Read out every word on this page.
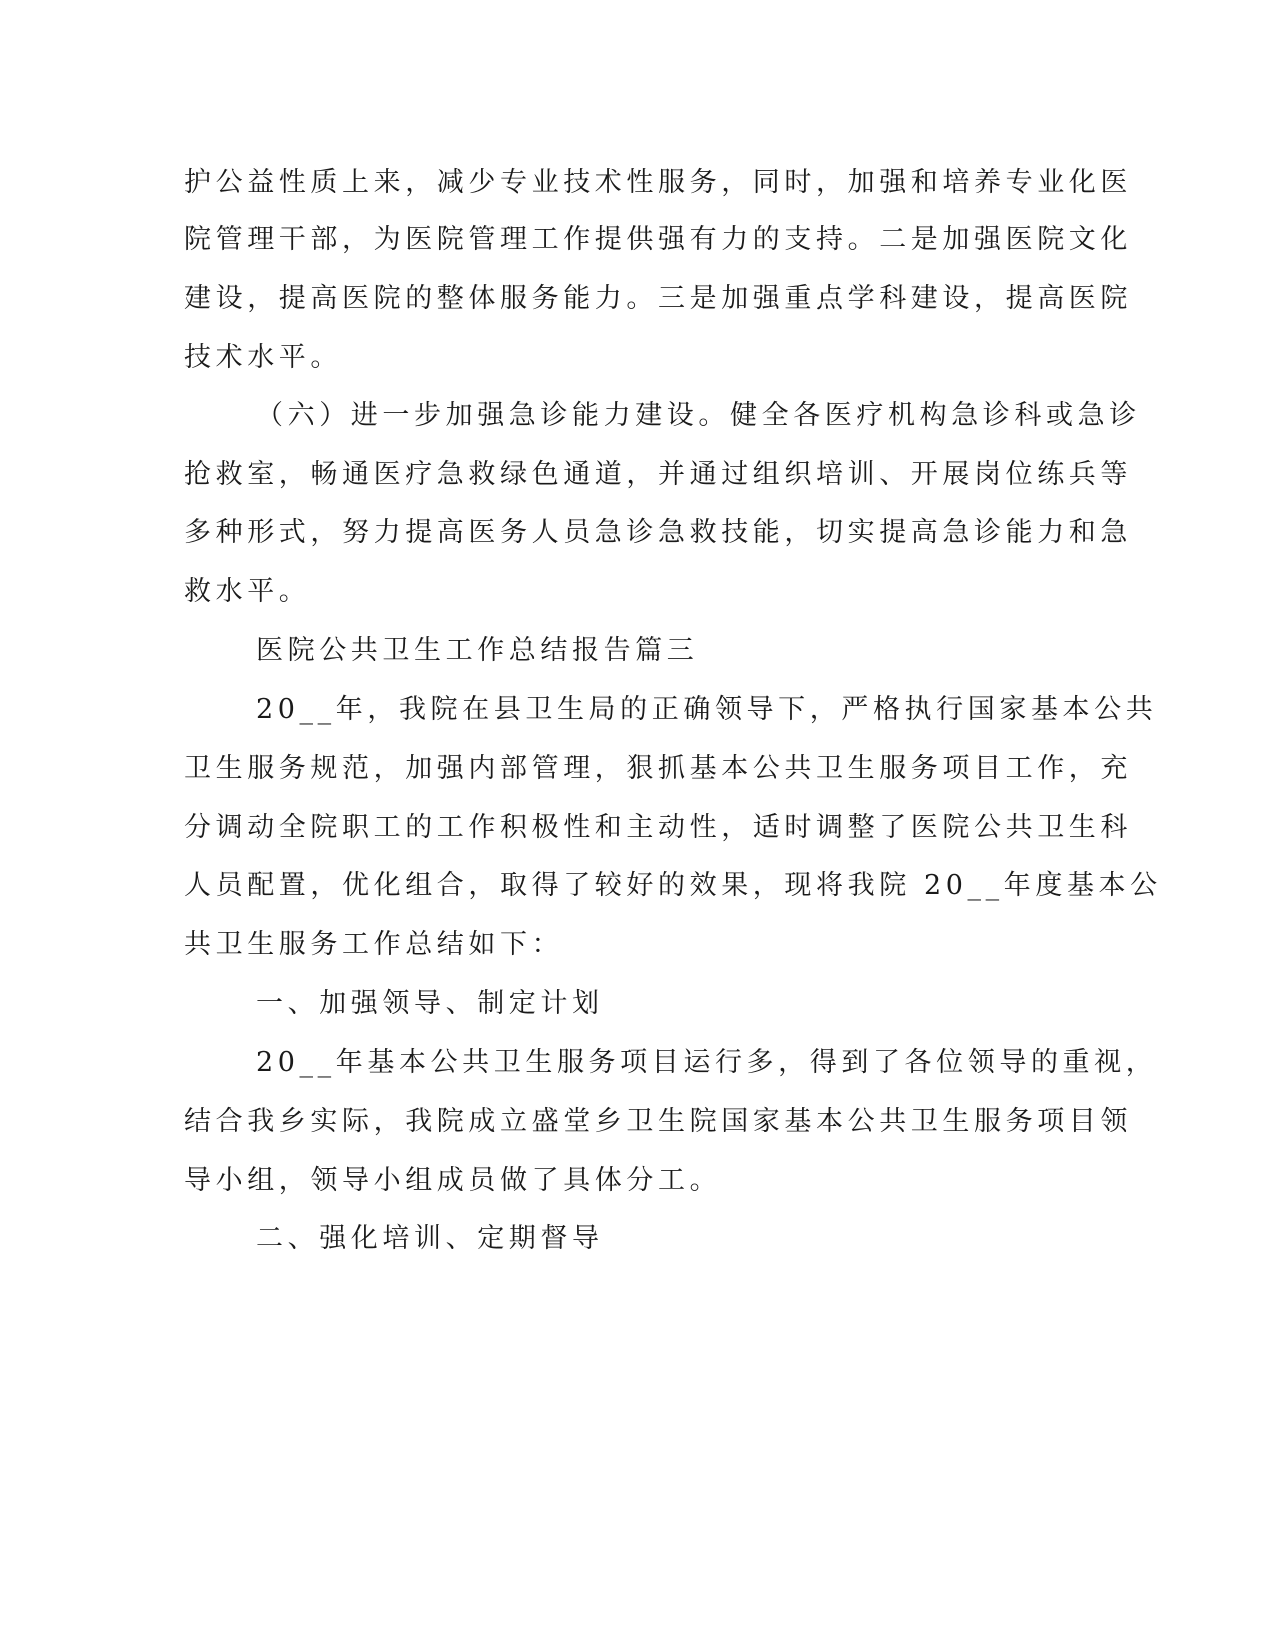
护公益性质上来，减少专业技术性服务，同时，加强和培养专业化医

院管理干部，为医院管理工作提供强有力的支持。二是加强医院文化

建设，提高医院的整体服务能力。三是加强重点学科建设，提高医院

技术水平。

（六）进一步加强急诊能力建设。健全各医疗机构急诊科或急诊

抢救室，畅通医疗急救绿色通道，并通过组织培训、开展岗位练兵等

多种形式，努力提高医务人员急诊急救技能，切实提高急诊能力和急

救水平。

医院公共卫生工作总结报告篇三

20__年，我院在县卫生局的正确领导下，严格执行国家基本公共

卫生服务规范，加强内部管理，狠抓基本公共卫生服务项目工作，充

分调动全院职工的工作积极性和主动性，适时调整了医院公共卫生科

人员配置，优化组合，取得了较好的效果，现将我院 20__年度基本公

共卫生服务工作总结如下：

一、加强领导、制定计划

20__年基本公共卫生服务项目运行多，得到了各位领导的重视，

结合我乡实际，我院成立盛堂乡卫生院国家基本公共卫生服务项目领

导小组，领导小组成员做了具体分工。

二、强化培训、定期督导
